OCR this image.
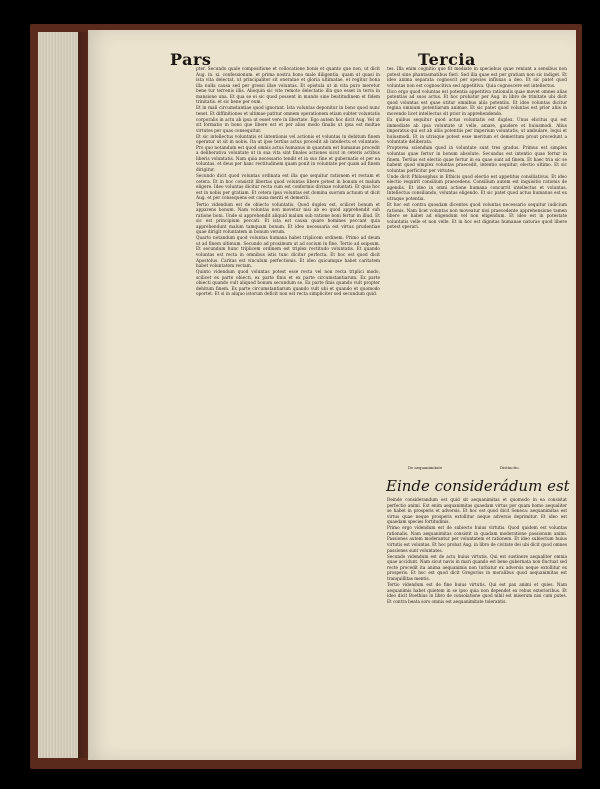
Pars	Tercia

pter. Secundo quale compositione et collocatione bonis et quanto que non, ut dicit Aug. in. xi. confessionum. et prima nostra bono male diligentia, quam ut quasi in ista vita delectat, ut principaliter sit oneratae et gloria ultimatae. et regitur bona illa nulla causa sed per gressi illae voluntas. Et epistula ut in vita puro meretur bene tur terrenis illis. Alioquin sic vite remoto delectatio illa quo esset in terra in mansione una. Et qua se ei sic quod possent in mundo sine beatitudinem et fidem trinitatis. et sic bene per eum.

Et in mali circumstantiae quod ignorant. Ista voluntas deponitur in bono quod nunc tenet. Et diffinitiones et ultimae patitur omnem operationem etiam subter voluntatis corporalis in actu ab ipsa ut esset vere in libertate. Ego autem hoc dicit Aug. Vel ut sit formatio in bono que libere est et per alios modo finalis ut ipsa est multae virtutes per quas consequitur.

Et sic intellectus voluntatis et intentionis vel actionis et voluntas in debitum finem operatur ut sit in nobis. Ita ut ipse tertius actus procedit ab intellectu et voluntate. Pro quo notandum est quod omnis actus humanus in quantum est humanus procedit a deliberativa voluntate ut in sua vita sint finales actiones sicut in ceteris actibus liberis voluntatis. Nam quia necessario tendit et in suo fine et gubernatio et per ea voluntas. et deus per hanc rectitudinem quam ponit in voluntate per quam ad finem dirigitur.

Secundo dicit quod voluntas ordinata est illa que sequitur rationem et rectam et cetera. Et in hoc consistit libertas quod voluntas libere potest in bonum et malum eligere. Ideo voluntas dicitur recta cum est conformis divinae voluntati. Et quia hoc est in nobis per gratiam. Et cetera ipsa voluntas est domina suorum actuum ut dicit Aug. et per consequens est causa meriti et demeriti.

Tertio videndum est de obiecto voluntatis. Quod duplex est, scilicet bonum et apparens bonum. Nam voluntas non movetur nisi ab eo quod apprehendit sub ratione boni. Unde si apprehendit aliquid malum sub ratione boni fertur in illud. Et sic est principium peccati. Et ista est causa quare homines peccant quia apprehendunt malum tamquam bonum. Et ideo necessaria est virtus prudentiae quae dirigit voluntatem in bonum verum.

Quarto notandum quod voluntas humana habet triplicem ordinem. Primo ad deum ut ad finem ultimum. Secundo ad proximum ut ad socium in fine. Tertio ad seipsum. Et secundum hunc triplicem ordinem est triplex rectitudo voluntatis. Et quando voluntas est recta in omnibus istis tunc dicitur perfecta. Et hoc est quod dicit Apostolus. Caritas est vinculum perfectionis. Et ideo quicumque habet caritatem habet voluntatem rectam.

Quinto videndum quod voluntas potest esse recta vel non recta triplici modo, scilicet ex parte obiecti, ex parte finis et ex parte circumstantiarum. Ex parte obiecti quando vult aliquod bonum secundum se. Ex parte finis quando vult propter debitum finem. Ex parte circumstantiarum quando vult ubi et quando et quomodo oportet. Et si in aliquo istorum deficit non est recta simpliciter sed secundum quid.

tes. Illa enim cognitio que fit mediate in speciebus quae veniunt a sensibus non potest sine phantasmatibus fieri. Sed illa quae est per gratiam non sic indiget. Et ideo anima separata cognoscit per species influxas a deo. Et sic patet quod voluntas non est cognoscitiva sed appetitiva. Quia cognoscere est intellectus.

Dico ergo quod voluntas est potentia appetitiva rationalis quae movet omnes alias potentias ad suos actus. Et hoc probatur per Aug. in libro de trinitate ubi dicit quod voluntas est quae utitur omnibus aliis potentiis. Et ideo voluntas dicitur regina omnium potentiarum animae. Et sic patet quod voluntas est prior aliis in movendo licet intellectus sit prior in apprehendendo.

Ex quibus sequitur quod actus voluntatis est duplex. Unus elicitus qui est immediate ab ipsa voluntate ut velle, amare, gaudere et huiusmodi. Alius imperatus qui est ab aliis potentiis per imperium voluntatis, ut ambulare, loqui et huiusmodi. Et in utrisque potest esse meritum et demeritum prout procedunt a voluntate deliberata.

Propterea sciendum quod in voluntate sunt tres gradus. Primus est simplex voluntas quae fertur in bonum absolute. Secundus est intentio quae fertur in finem. Tertius est electio quae fertur in ea quae sunt ad finem. Et haec tria sic se habent quod simplex voluntas praecedit, intentio sequitur, electio ultimo. Et sic voluntas perficitur per virtutes.

Unde dicit Philosophus in Ethicis quod electio est appetitus consiliativus. Et ideo electio requirit consilium praecedens. Consilium autem est inquisitio rationis de agendis. Et ideo in omni actione humana concurrit intellectus et voluntas. Intellectus consiliando, voluntas eligendo. Et sic patet quod actus humanus est ex utraque potentia.

Et hoc est contra quosdam dicentes quod voluntas necessario sequitur iudicium rationis. Nam licet voluntas non moveatur nisi praecedente apprehensione tamen libere se habet ad eligendum vel non eligendum. Et ideo est in potestate voluntatis velle et non velle. Et in hoc est dignitas humanae naturae quod libere potest operari.

De aequanimitate	Distinctio.
Einde considerádum est

Deinde considerandum est quid sit aequanimitas et quomodo in ea consistat perfectio animi. Est enim aequanimitas quaedam virtus per quam homo aequaliter se habet in prosperis et adversis. Et hoc est quod dicit Seneca: aequanimitas est virtus quae neque prosperis extollitur neque adversis deprimitur. Et ideo est quaedam species fortitudinis.

Primo ergo videndum est de subiecto huius virtutis. Quod quidem est voluntas rationalis. Nam aequanimitas consistit in quadam moderatione passionum animi. Passiones autem moderantur per voluntatem et rationem. Et ideo subiectum huius virtutis est voluntas. Et hoc probat Aug. in libro de civitate dei ubi dicit quod omnes passiones sunt voluntates.

Secundo videndum est de actu huius virtutis. Qui est sustinere aequaliter omnia quae accidunt. Nam sicut navis in mari quando est bene gubernata non fluctuat sed recte procedit ita anima aequanimis non turbatur ex adversis neque extollitur ex prosperis. Et hoc est quod dicit Gregorius in moralibus quod aequanimitas est tranquillitas mentis.

Tertio videndum est de fine huius virtutis. Qui est pax animi et quies. Nam aequanimis habet quietem in se ipso quia non dependet ex rebus exterioribus. Et ideo dicit Boethius in libro de consolatione quod nihil est miserum nisi cum putes. Et contra beata sors omnis est aequanimitate tolerantis.
